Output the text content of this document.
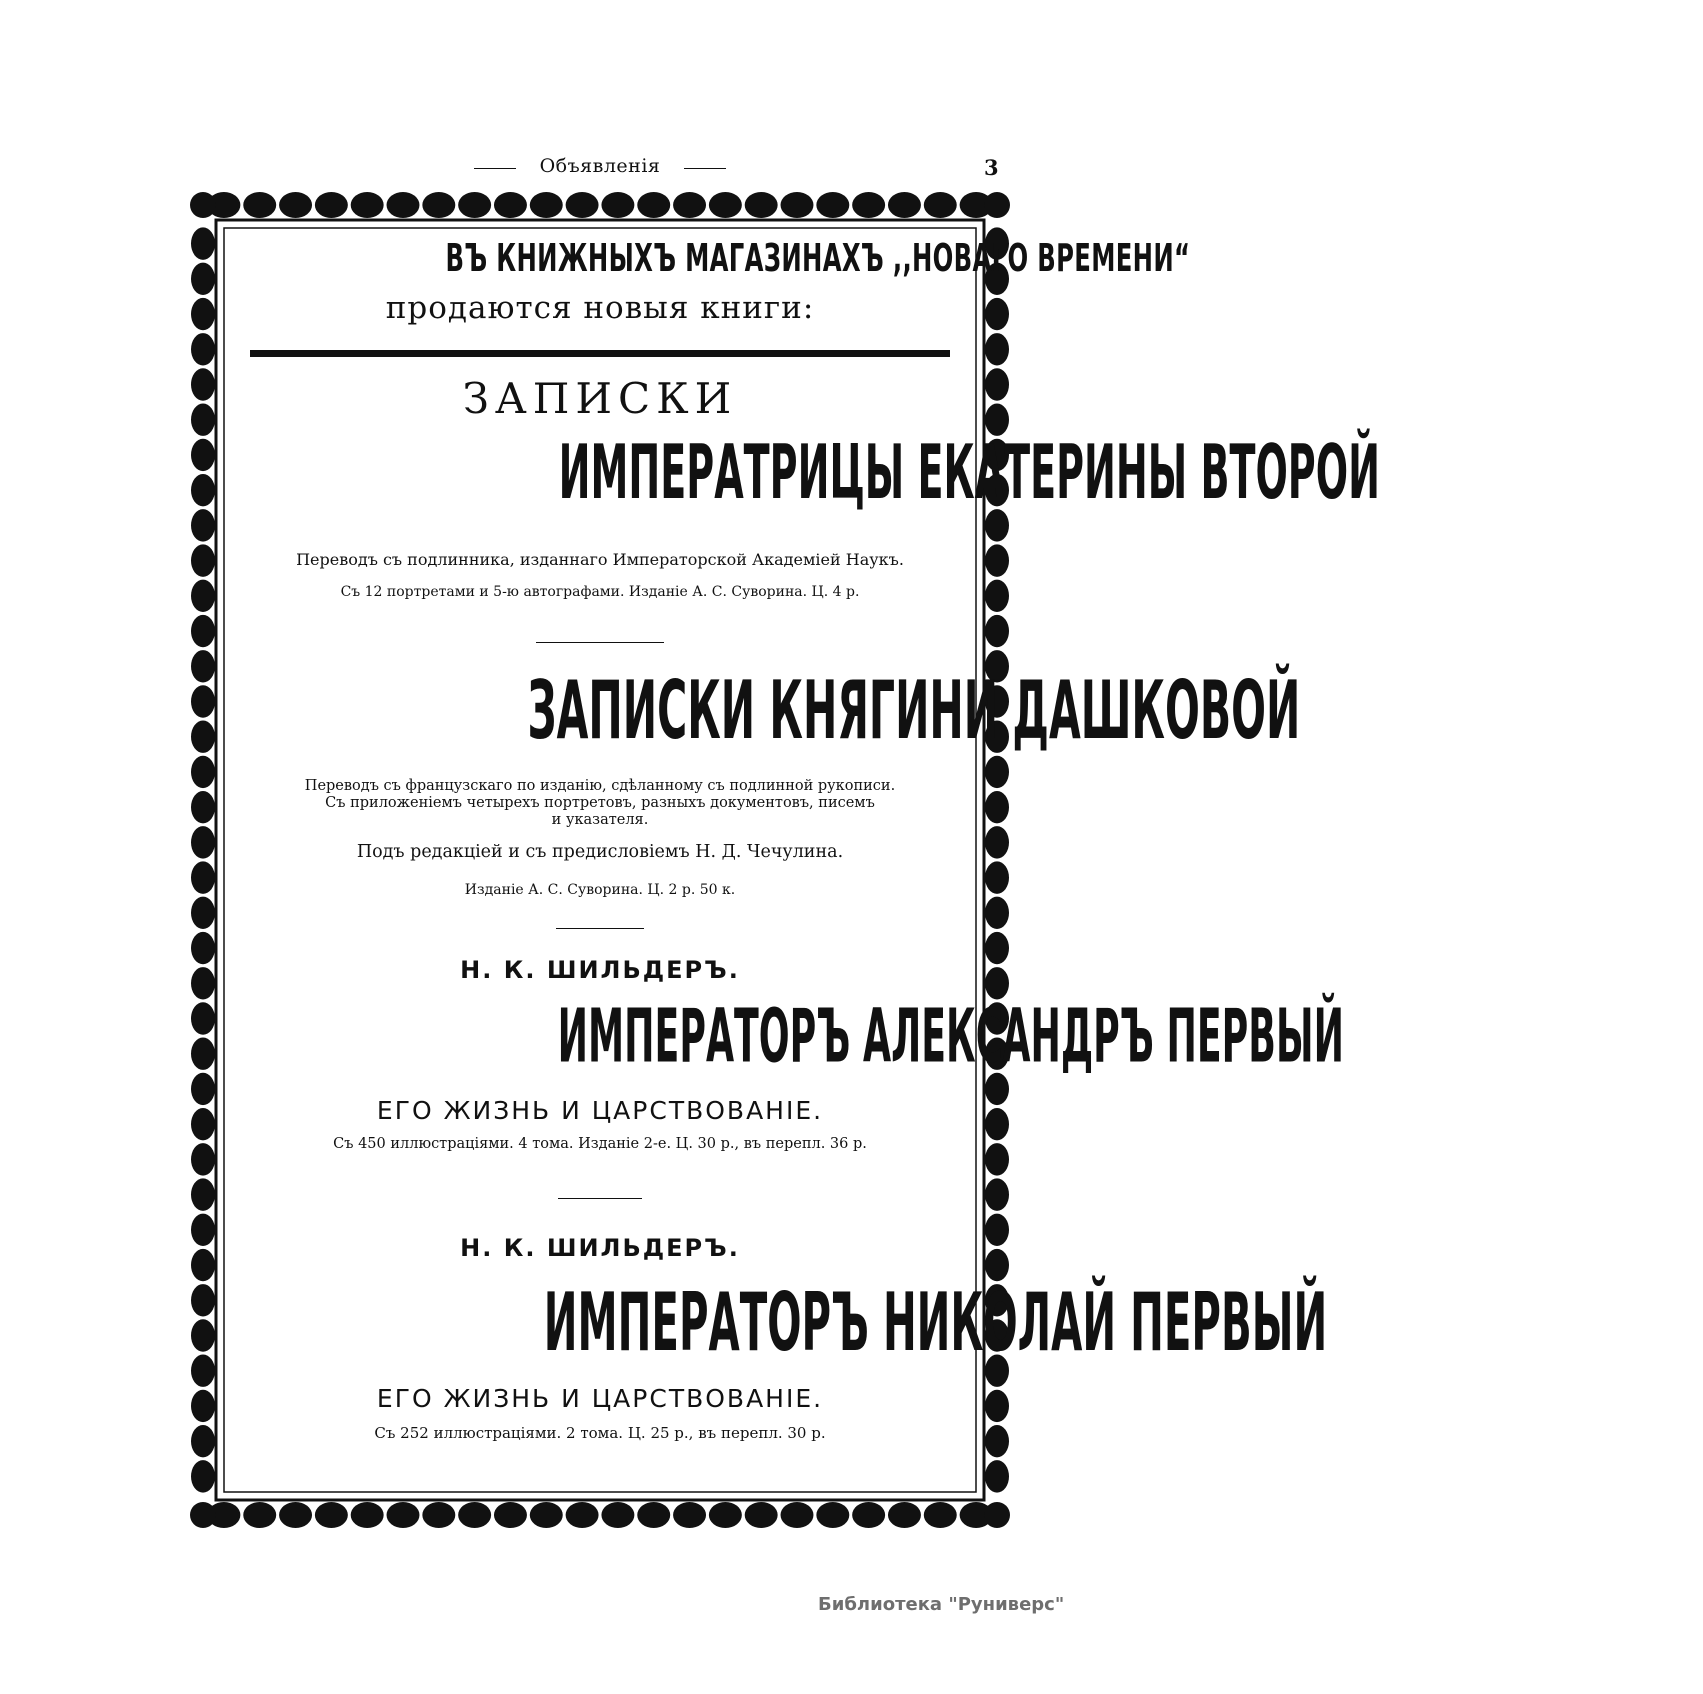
Объявленія	3
ВЪ КНИЖНЫХЪ МАГАЗИНАХЪ ,,НОВАГО ВРЕМЕНИ“
продаются новыя книги:
ЗАПИСКИ
ИМПЕРАТРИЦЫ ЕКАТЕРИНЫ ВТОРОЙ
Переводъ съ подлинника, изданнаго Императорской Академіей Наукъ.
Съ 12 портретами и 5-ю автографами. Изданіе А. С. Суворина. Ц. 4 р.
ЗАПИСКИ КНЯГИНИ ДАШКОВОЙ
Переводъ съ французскаго по изданію, сдѣланному съ подлинной рукописи.
Съ приложеніемъ четырехъ портретовъ, разныхъ документовъ, писемъ
и указателя.
Подъ редакціей и съ предисловіемъ Н. Д. Чечулина.
Изданіе А. С. Суворина. Ц. 2 р. 50 к.
Н. К. ШИЛЬДЕРЪ.
ИМПЕРАТОРЪ АЛЕКСАНДРЪ ПЕРВЫЙ
ЕГО ЖИЗНЬ И ЦАРСТВОВАНІЕ.
Съ 450 иллюстраціями. 4 тома. Изданіе 2-е. Ц. 30 р., въ перепл. 36 р.
Н. К. ШИЛЬДЕРЪ.
ИМПЕРАТОРЪ НИКОЛАЙ ПЕРВЫЙ
ЕГО ЖИЗНЬ И ЦАРСТВОВАНІЕ.
Съ 252 иллюстраціями. 2 тома. Ц. 25 р., въ перепл. 30 р.
Библиотека "Руниверс"
